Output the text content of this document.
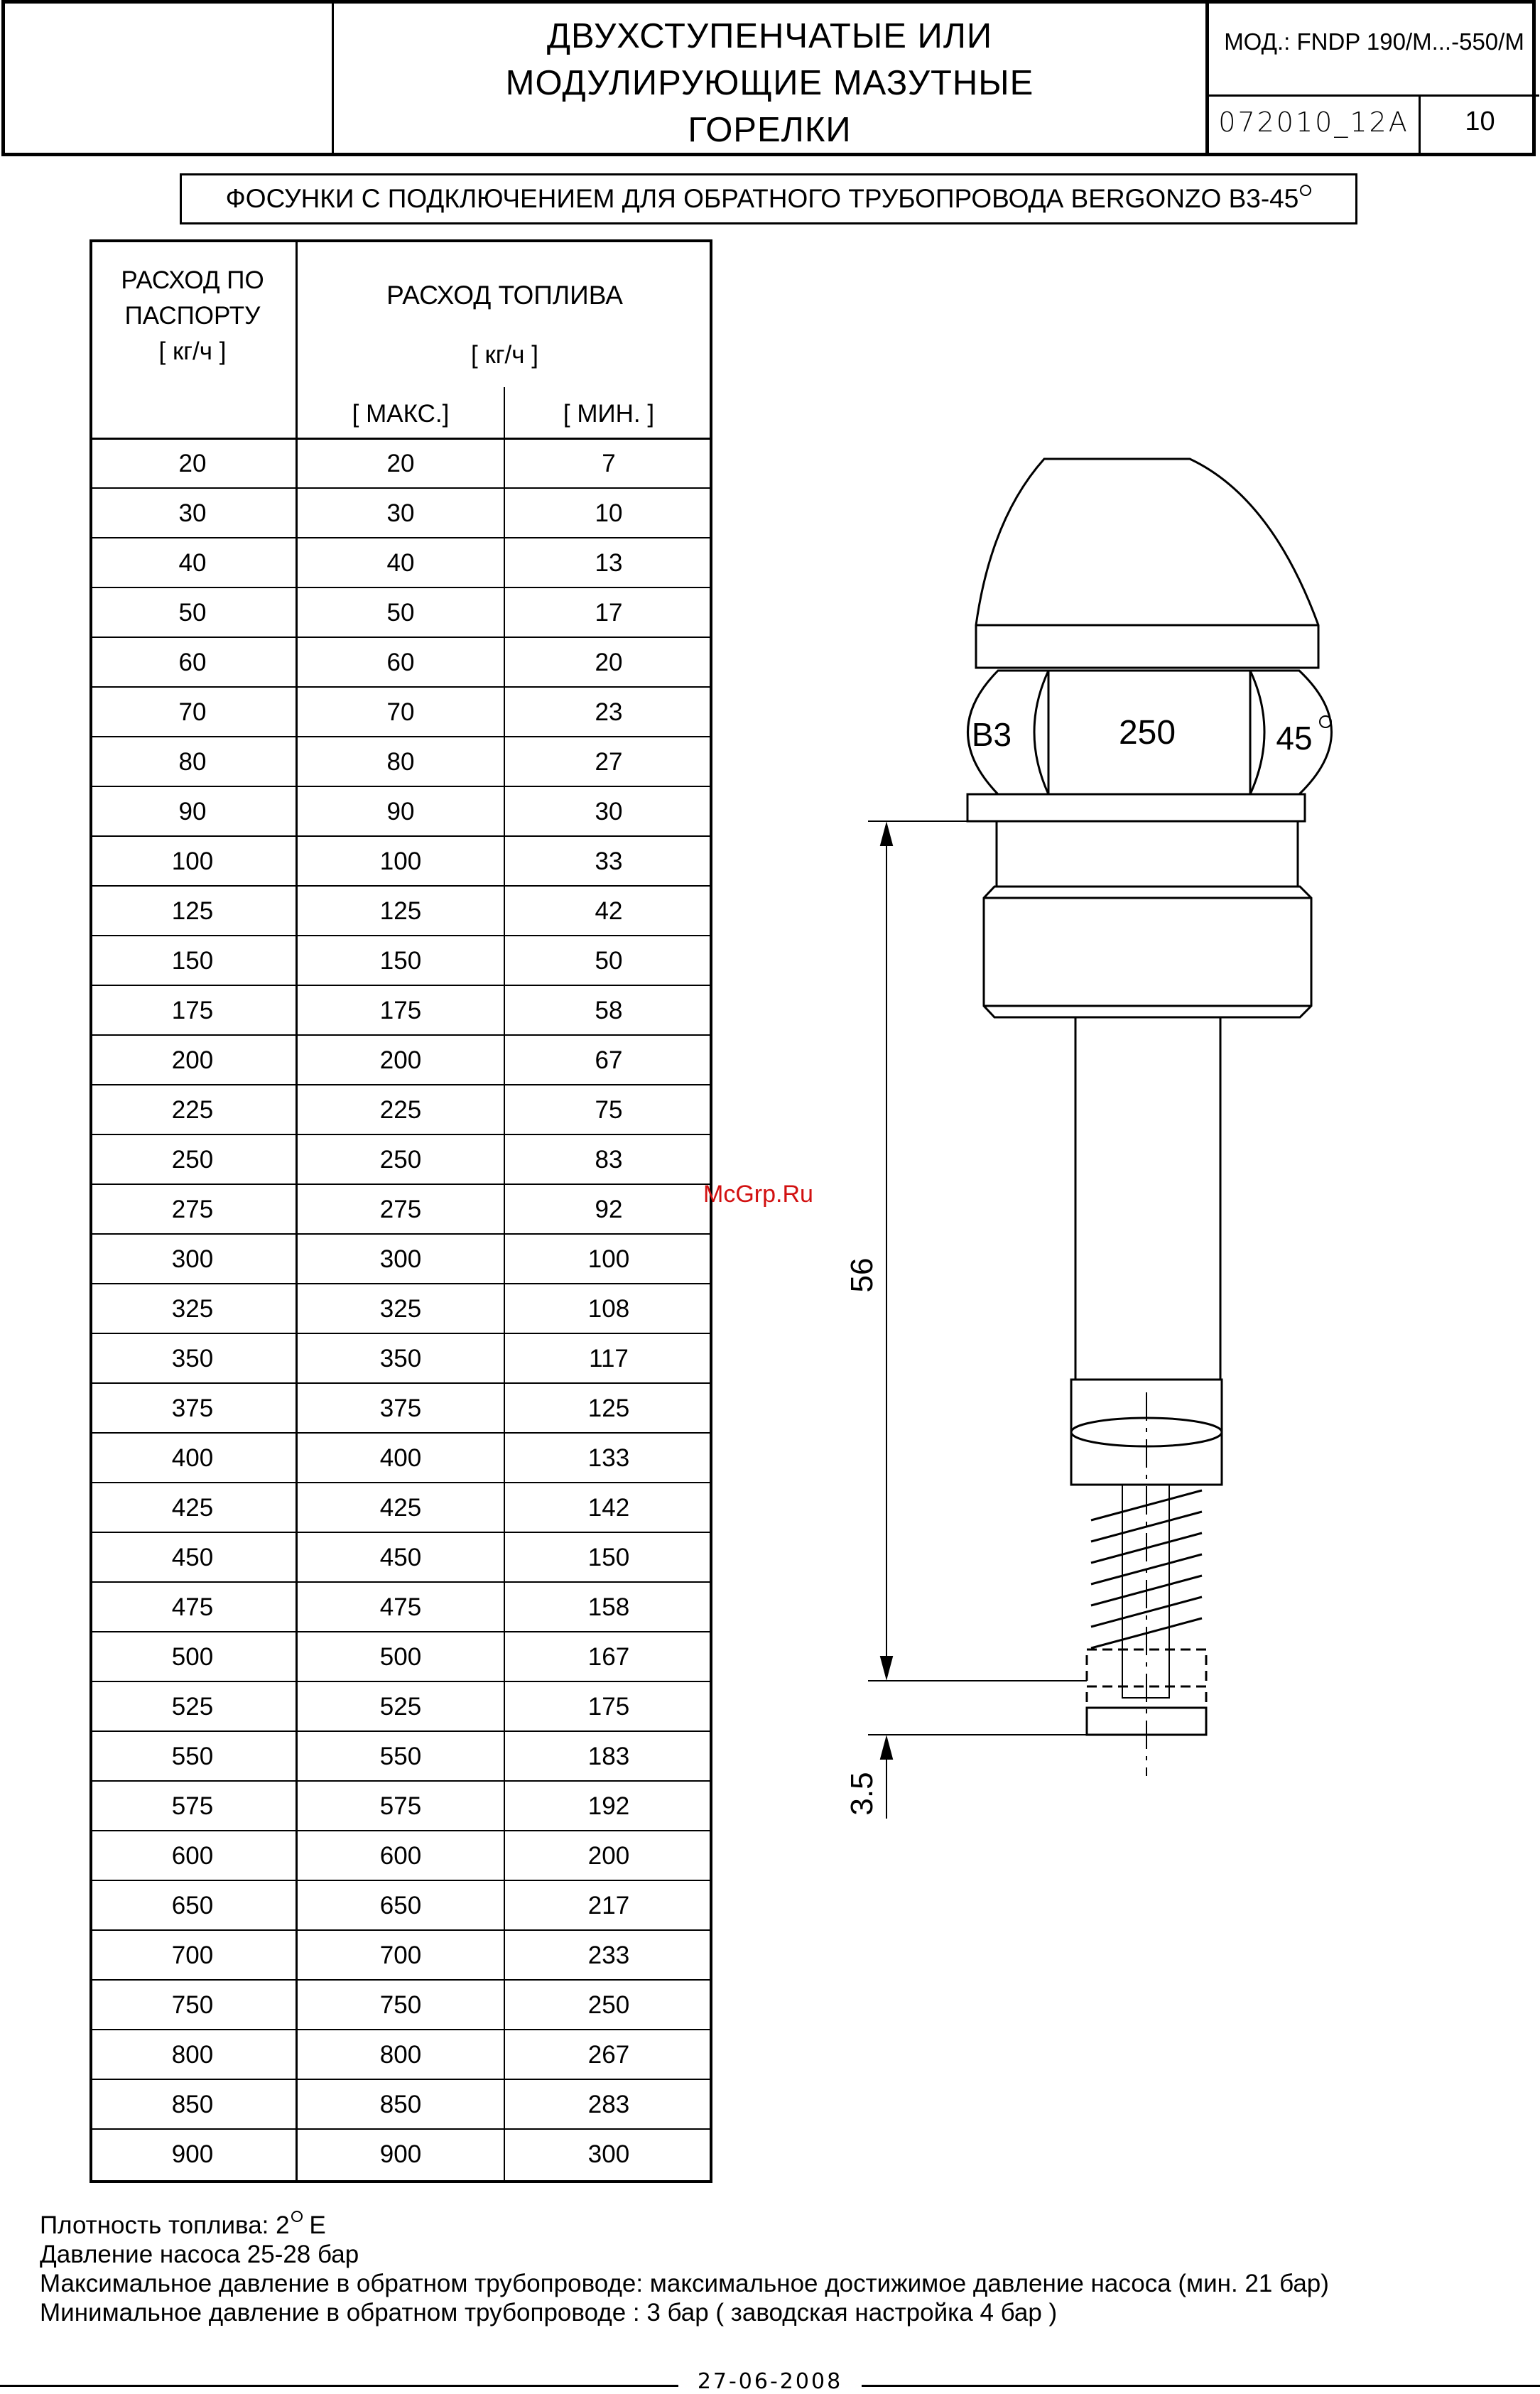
ДВУХСТУПЕНЧАТЫЕ ИЛИ
МОДУЛИРУЮЩИЕ МАЗУТНЫЕ
ГОРЕЛКИ
МОД.: FNDP 190/M...-550/M
072010_12A	10
ФОСУНКИ С ПОДКЛЮЧЕНИЕМ ДЛЯ ОБРАТНОГО ТРУБОПРОВОДА BERGONZO B3-45
РАСХОД ПО
ПАСПОРТУ
[ кг/ч ]
РАСХОД ТОПЛИВА
[ кг/ч ]
[ МАКС.]	[ МИН. ]
20	20	7
30	30	10
40	40	13
50	50	17
60	60	20
70	70	23
80	80	27
90	90	30
100	100	33
125	125	42
150	150	50
175	175	58
200	200	67
225	225	75
250	250	83
275	275	92
300	300	100
325	325	108
350	350	117
375	375	125
400	400	133
425	425	142
450	450	150
475	475	158
500	500	167
525	525	175
550	550	183
575	575	192
600	600	200
650	650	217
700	700	233
750	750	250
800	800	267
850	850	283
900	900	300
B3	250	45
56
3.5
McGrp.Ru
Плотность топлива: 2 E
Давление насоса 25-28 бар
Максимальное давление в обратном трубопроводе: максимальное достижимое давление насоса (мин. 21 бар)
Минимальное давление в обратном трубопроводе : 3 бар ( заводская настройка 4 бар )
27-06-2008
